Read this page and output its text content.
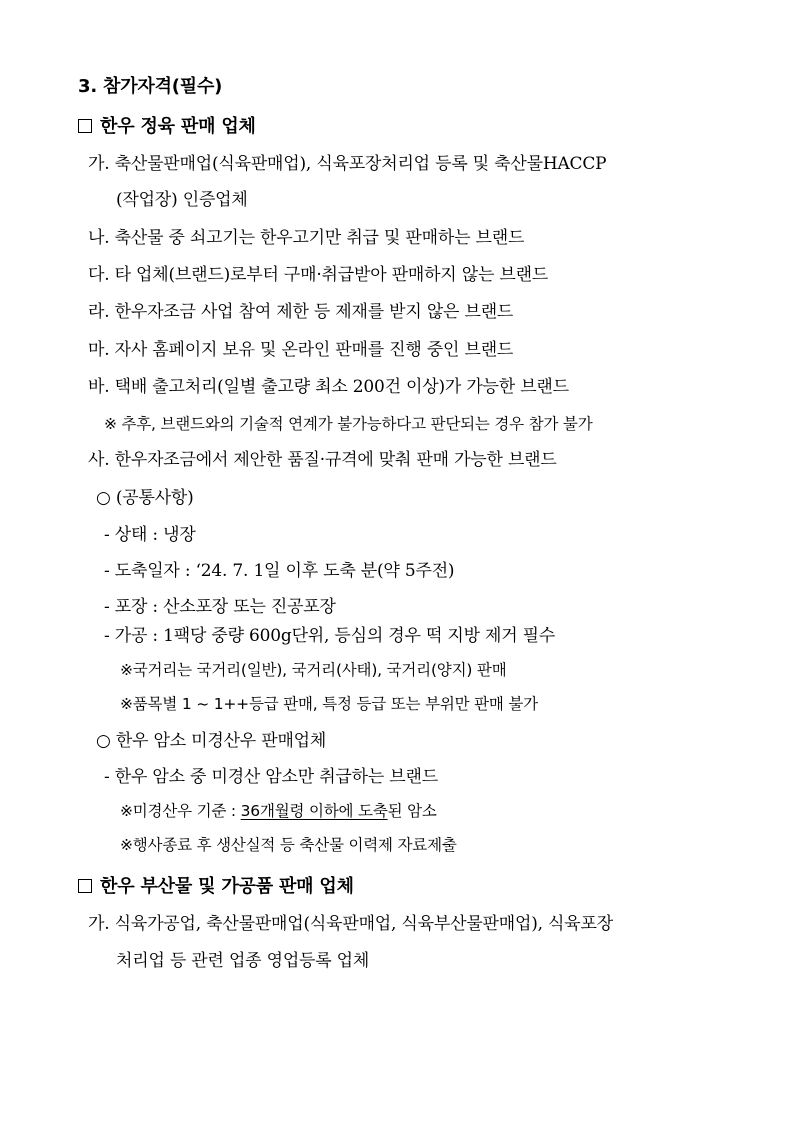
3. 참가자격(필수)
한우 정육 판매 업체
가. 축산물판매업(식육판매업), 식육포장처리업 등록 및 축산물HACCP
(작업장) 인증업체
나. 축산물 중 쇠고기는 한우고기만 취급 및 판매하는 브랜드
다. 타 업체(브랜드)로부터 구매·취급받아 판매하지 않는 브랜드
라. 한우자조금 사업 참여 제한 등 제재를 받지 않은 브랜드
마. 자사 홈페이지 보유 및 온라인 판매를 진행 중인 브랜드
바. 택배 출고처리(일별 출고량 최소 200건 이상)가 가능한 브랜드
※ 추후, 브랜드와의 기술적 연계가 불가능하다고 판단되는 경우 참가 불가
사. 한우자조금에서 제안한 품질·규격에 맞춰 판매 가능한 브랜드
○ (공통사항)
- 상태 : 냉장
- 도축일자 : ‘24. 7. 1일 이후 도축 분(약 5주전)
- 포장 : 산소포장 또는 진공포장
- 가공 : 1팩당 중량 600g단위, 등심의 경우 떡 지방 제거 필수
※국거리는 국거리(일반), 국거리(사태), 국거리(양지) 판매
※품목별 1 ~ 1++등급 판매, 특정 등급 또는 부위만 판매 불가
○ 한우 암소 미경산우 판매업체
- 한우 암소 중 미경산 암소만 취급하는 브랜드
※미경산우 기준 : 36개월령 이하에 도축된 암소
※행사종료 후 생산실적 등 축산물 이력제 자료제출
한우 부산물 및 가공품 판매 업체
가. 식육가공업, 축산물판매업(식육판매업, 식육부산물판매업), 식육포장
처리업 등 관련 업종 영업등록 업체
